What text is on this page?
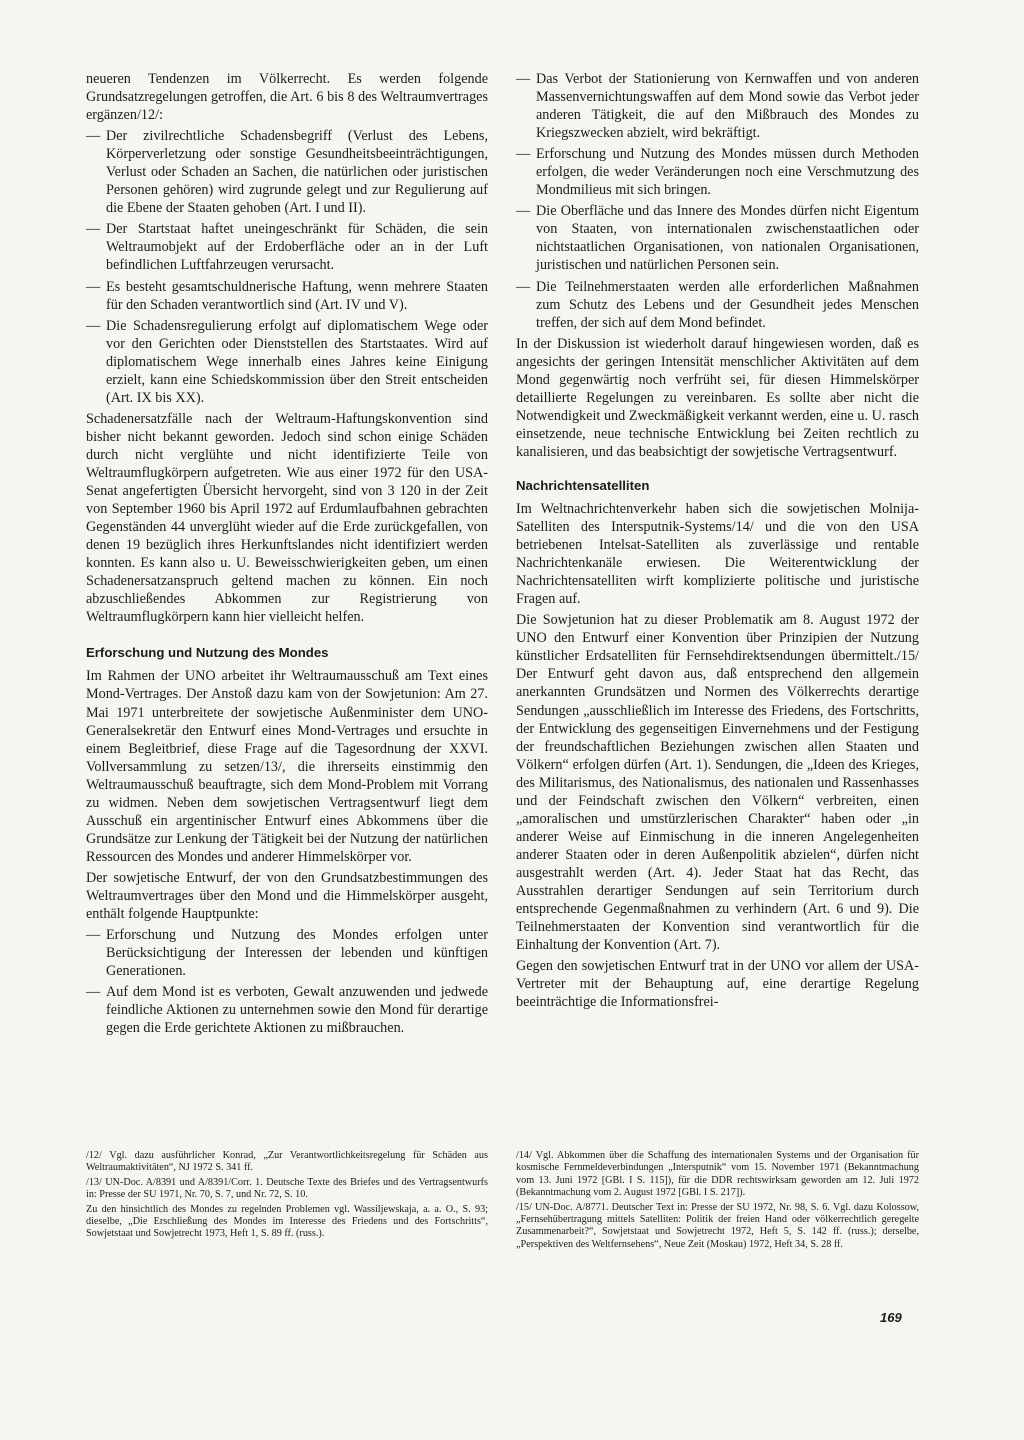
neueren Tendenzen im Völkerrecht. Es werden folgende Grundsatzregelungen getroffen, die Art. 6 bis 8 des Weltraumvertrages ergänzen/12/:

— Der zivilrechtliche Schadensbegriff (Verlust des Lebens, Körperverletzung oder sonstige Gesundheitsbeeinträchtigungen, Verlust oder Schaden an Sachen, die natürlichen oder juristischen Personen gehören) wird zugrunde gelegt und zur Regulierung auf die Ebene der Staaten gehoben (Art. I und II).
— Der Startstaat haftet uneingeschränkt für Schäden, die sein Weltraumobjekt auf der Erdoberfläche oder an in der Luft befindlichen Luftfahrzeugen verursacht.
— Es besteht gesamtschuldnerische Haftung, wenn mehrere Staaten für den Schaden verantwortlich sind (Art. IV und V).
— Die Schadensregulierung erfolgt auf diplomatischem Wege oder vor den Gerichten oder Dienststellen des Startstaates. Wird auf diplomatischem Wege innerhalb eines Jahres keine Einigung erzielt, kann eine Schiedskommission über den Streit entscheiden (Art. IX bis XX).

Schadenersatzfälle nach der Weltraum-Haftungskonvention sind bisher nicht bekannt geworden. Jedoch sind schon einige Schäden durch nicht verglühte und nicht identifizierte Teile von Weltraumflugkörpern aufgetreten. Wie aus einer 1972 für den USA-Senat angefertigten Übersicht hervorgeht, sind von 3 120 in der Zeit von September 1960 bis April 1972 auf Erdumlaufbahnen gebrachten Gegenständen 44 unverglüht wieder auf die Erde zurückgefallen, von denen 19 bezüglich ihres Herkunftslandes nicht identifiziert werden konnten. Es kann also u. U. Beweisschwierigkeiten geben, um einen Schadenersatzanspruch geltend machen zu können. Ein noch abzuschließendes Abkommen zur Registrierung von Weltraumflugkörpern kann hier vielleicht helfen.

Erforschung und Nutzung des Mondes

Im Rahmen der UNO arbeitet ihr Weltraumausschuß am Text eines Mond-Vertrages. Der Anstoß dazu kam von der Sowjetunion: Am 27. Mai 1971 unterbreitete der sowjetische Außenminister dem UNO-Generalsekretär den Entwurf eines Mond-Vertrages und ersuchte in einem Begleitbrief, diese Frage auf die Tagesordnung der XXVI. Vollversammlung zu setzen/13/, die ihrerseits einstimmig den Weltraumausschuß beauftragte, sich dem Mond-Problem mit Vorrang zu widmen. Neben dem sowjetischen Vertragsentwurf liegt dem Ausschuß ein argentinischer Entwurf eines Abkommens über die Grundsätze zur Lenkung der Tätigkeit bei der Nutzung der natürlichen Ressourcen des Mondes und anderer Himmelskörper vor.

Der sowjetische Entwurf, der von den Grundsatzbestimmungen des Weltraumvertrages über den Mond und die Himmelskörper ausgeht, enthält folgende Hauptpunkte:

— Erforschung und Nutzung des Mondes erfolgen unter Berücksichtigung der Interessen der lebenden und künftigen Generationen.
— Auf dem Mond ist es verboten, Gewalt anzuwenden und jedwede feindliche Aktionen zu unternehmen sowie den Mond für derartige gegen die Erde gerichtete Aktionen zu mißbrauchen.
— Das Verbot der Stationierung von Kernwaffen und von anderen Massenvernichtungswaffen auf dem Mond sowie das Verbot jeder anderen Tätigkeit, die auf den Mißbrauch des Mondes zu Kriegszwecken abzielt, wird bekräftigt.
— Erforschung und Nutzung des Mondes müssen durch Methoden erfolgen, die weder Veränderungen noch eine Verschmutzung des Mondmilieus mit sich bringen.
— Die Oberfläche und das Innere des Mondes dürfen nicht Eigentum von Staaten, von internationalen zwischenstaatlichen oder nichtstaatlichen Organisationen, von nationalen Organisationen, juristischen und natürlichen Personen sein.
— Die Teilnehmerstaaten werden alle erforderlichen Maßnahmen zum Schutz des Lebens und der Gesundheit jedes Menschen treffen, der sich auf dem Mond befindet.

In der Diskussion ist wiederholt darauf hingewiesen worden, daß es angesichts der geringen Intensität menschlicher Aktivitäten auf dem Mond gegenwärtig noch verfrüht sei, für diesen Himmelskörper detaillierte Regelungen zu vereinbaren. Es sollte aber nicht die Notwendigkeit und Zweckmäßigkeit verkannt werden, eine u. U. rasch einsetzende, neue technische Entwicklung bei Zeiten rechtlich zu kanalisieren, und das beabsichtigt der sowjetische Vertragsentwurf.

Nachrichtensatelliten

Im Weltnachrichtenverkehr haben sich die sowjetischen Molnija-Satelliten des Intersputnik-Systems/14/ und die von den USA betriebenen Intelsat-Satelliten als zuverlässige und rentable Nachrichtenkanäle erwiesen. Die Weiterentwicklung der Nachrichtensatelliten wirft komplizierte politische und juristische Fragen auf.

Die Sowjetunion hat zu dieser Problematik am 8. August 1972 der UNO den Entwurf einer Konvention über Prinzipien der Nutzung künstlicher Erdsatelliten für Fernsehdirektsendungen übermittelt./15/ Der Entwurf geht davon aus, daß entsprechend den allgemein anerkannten Grundsätzen und Normen des Völkerrechts derartige Sendungen „ausschließlich im Interesse des Friedens, des Fortschritts, der Entwicklung des gegenseitigen Einvernehmens und der Festigung der freundschaftlichen Beziehungen zwischen allen Staaten und Völkern“ erfolgen dürfen (Art. 1). Sendungen, die „Ideen des Krieges, des Militarismus, des Nationalismus, des nationalen und Rassenhasses und der Feindschaft zwischen den Völkern“ verbreiten, einen „amoralischen und umstürzlerischen Charakter“ haben oder „in anderer Weise auf Einmischung in die inneren Angelegenheiten anderer Staaten oder in deren Außenpolitik abzielen“, dürfen nicht ausgestrahlt werden (Art. 4). Jeder Staat hat das Recht, das Ausstrahlen derartiger Sendungen auf sein Territorium durch entsprechende Gegenmaßnahmen zu verhindern (Art. 6 und 9). Die Teilnehmerstaaten der Konvention sind verantwortlich für die Einhaltung der Konvention (Art. 7).

Gegen den sowjetischen Entwurf trat in der UNO vor allem der USA-Vertreter mit der Behauptung auf, eine derartige Regelung beeinträchtige die Informationsfrei-

/12/ Vgl. dazu ausführlicher Konrad, „Zur Verantwortlichkeitsregelung für Schäden aus Weltraumaktivitäten“, NJ 1972 S. 341 ff.

/13/ UN-Doc. A/8391 und A/8391/Corr. 1. Deutsche Texte des Briefes und des Vertragsentwurfs in: Presse der SU 1971, Nr. 70, S. 7, und Nr. 72, S. 10.

Zu den hinsichtlich des Mondes zu regelnden Problemen vgl. Wassiljewskaja, a. a. O., S. 93; dieselbe, „Die Erschließung des Mondes im Interesse des Friedens und des Fortschritts“, Sowjetstaat und Sowjetrecht 1973, Heft 1, S. 89 ff. (russ.).

/14/ Vgl. Abkommen über die Schaffung des internationalen Systems und der Organisation für kosmische Fernmeldeverbindungen „Intersputnik“ vom 15. November 1971 (Bekanntmachung vom 13. Juni 1972 [GBl. I S. 115]), für die DDR rechtswirksam geworden am 12. Juli 1972 (Bekanntmachung vom 2. August 1972 [GBl. I S. 217]).

/15/ UN-Doc. A/8771. Deutscher Text in: Presse der SU 1972, Nr. 98, S. 6. Vgl. dazu Kolossow, „Fernsehübertragung mittels Satelliten: Politik der freien Hand oder völkerrechtlich geregelte Zusammenarbeit?“, Sowjetstaat und Sowjetrecht 1972, Heft 5, S. 142 ff. (russ.); derselbe, „Perspektiven des Weltfernsehens“, Neue Zeit (Moskau) 1972, Heft 34, S. 28 ff.

169
